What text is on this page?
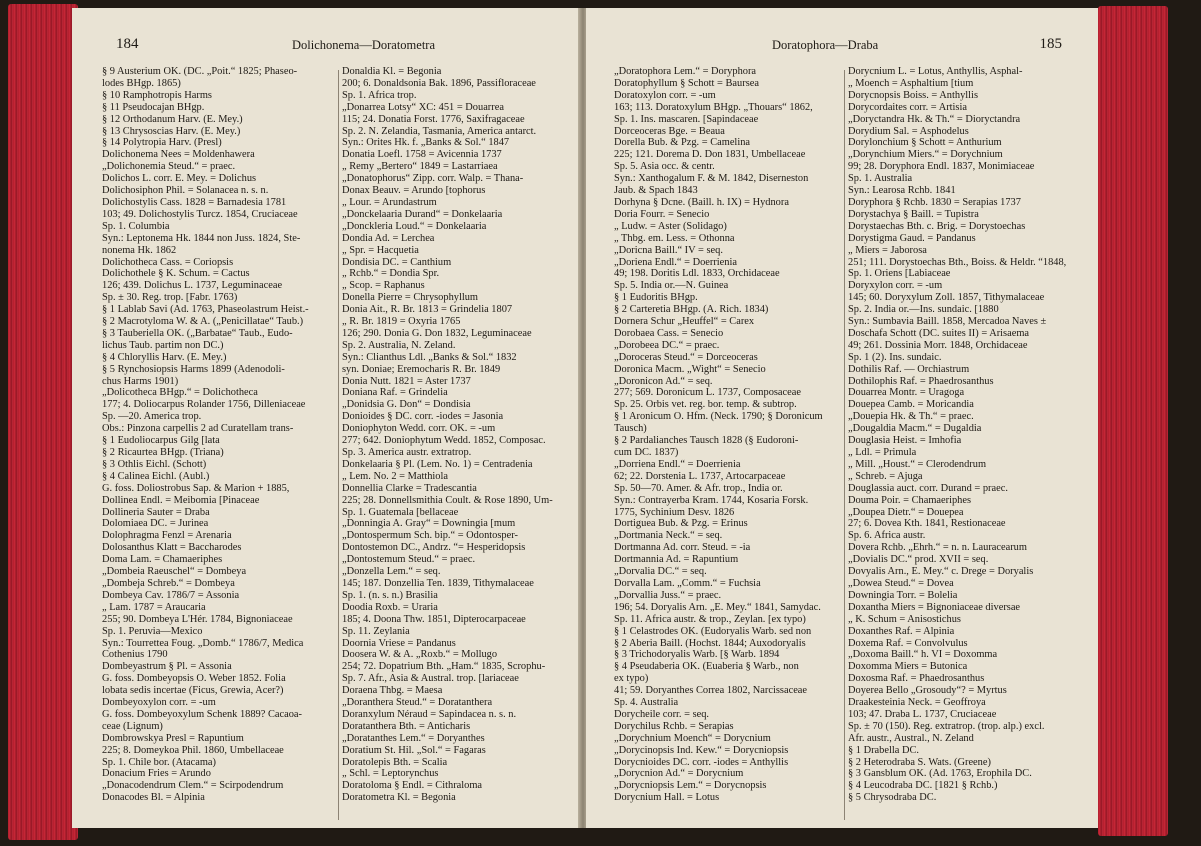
184	Dolichonema—Doratometra
§ 9 Austerium OK. (DC. „Poit.“ 1825; Phaseo-
lodes BHgp. 1865)
§ 10 Ramphotropis Harms
§ 11 Pseudocajan BHgp.
§ 12 Orthodanum Harv. (E. Mey.)
§ 13 Chrysoscias Harv. (E. Mey.)
§ 14 Polytropia Harv. (Presl)
Dolichonema Nees = Moldenhawera
„Dolichonemia Steud.“ = praec.
Dolichos L. corr. E. Mey. = Dolichus
Dolichosiphon Phil. = Solanacea n. s. n.
Dolichostylis Cass. 1828 = Barnadesia 1781
103; 49. Dolichostylis Turcz. 1854, Cruciaceae
Sp. 1. Columbia
Syn.: Leptonema Hk. 1844 non Juss. 1824, Ste-
nonema Hk. 1862
Dolichotheca Cass. = Coriopsis
Dolichothele § K. Schum. = Cactus
126; 439. Dolichus L. 1737, Leguminaceae
Sp. ± 30. Reg. trop. [Fabr. 1763)
§ 1 Lablab Savi (Ad. 1763, Phaseolastrum Heist.-
§ 2 Macrotyloma W. & A. („Penicillatae“ Taub.)
§ 3 Tauberiella OK. („Barbatae“ Taub., Eudo-
lichus Taub. partim non DC.)
§ 4 Chloryllis Harv. (E. Mey.)
§ 5 Rynchosiopsis Harms 1899 (Adenodoli-
chus Harms 1901)
„Dolicotheca BHgp.“ = Dolichotheca
177; 4. Doliocarpus Rolander 1756, Dilleniaceae
Sp. —20. America trop.
Obs.: Pinzona carpellis 2 ad Curatellam trans-
§ 1 Eudoliocarpus Gilg [lata
§ 2 Ricaurtea BHgp. (Triana)
§ 3 Othlis Eichl. (Schott)
§ 4 Calinea Eichl. (Aubl.)
G. foss. Doliostrobus Sap. & Marion + 1885,
Dollinea Endl. = Meibomia [Pinaceae
Dollineria Sauter = Draba
Dolomiaea DC. = Jurinea
Dolophragma Fenzl = Arenaria
Dolosanthus Klatt = Baccharodes
Doma Lam. = Chamaeriphes
„Dombeia Raeuschel“ = Dombeya
„Dombeja Schreb.“ = Dombeya
Dombeya Cav. 1786/7 = Assonia
„ Lam. 1787 = Araucaria
255; 90. Dombeya L'Hér. 1784, Bignoniaceae
Sp. 1. Peruvia—Mexico
Syn.: Tourrettea Foug. „Domb.“ 1786/7, Medica
Cothenius 1790
Dombeyastrum § Pl. = Assonia
G. foss. Dombeyopsis O. Weber 1852. Folia
lobata sedis incertae (Ficus, Grewia, Acer?)
Dombeyoxylon corr. = -um
G. foss. Dombeyoxylum Schenk 1889? Cacaoa-
ceae (Lignum)
Dombrowskya Presl = Rapuntium
225; 8. Domeykoa Phil. 1860, Umbellaceae
Sp. 1. Chile bor. (Atacama)
Donacium Fries = Arundo
„Donacodendrum Clem.“ = Scirpodendrum
Donacodes Bl. = Alpinia
Donaldia Kl. = Begonia
200; 6. Donaldsonia Bak. 1896, Passifloraceae
Sp. 1. Africa trop.
„Donarrea Lotsy“ XC: 451 = Douarrea
115; 24. Donatia Forst. 1776, Saxifragaceae
Sp. 2. N. Zelandia, Tasmania, America antarct.
Syn.: Orites Hk. f. „Banks & Sol.“ 1847
Donatia Loefl. 1758 = Avicennia 1737
„ Remy „Bertero“ 1849 = Lastarriaea
„Donatophorus“ Zipp. corr. Walp. = Thana-
Donax Beauv. = Arundo [tophorus
„ Lour. = Arundastrum
„Donckelaaria Durand“ = Donkelaaria
„Donckleria Loud.“ = Donkelaaria
Dondia Ad. = Lerchea
„ Spr. = Hacquetia
Dondisia DC. = Canthium
„ Rchb.“ = Dondia Spr.
„ Scop. = Raphanus
Donella Pierre = Chrysophyllum
Donia Ait., R. Br. 1813 = Grindelia 1807
„ R. Br. 1819 = Oxyria 1765
126; 290. Donia G. Don 1832, Leguminaceae
Sp. 2. Australia, N. Zeland.
Syn.: Clianthus Ldl. „Banks & Sol.“ 1832
syn. Doniae; Eremocharis R. Br. 1849
Donia Nutt. 1821 = Aster 1737
Doniana Raf. = Grindelia
„Donidsia G. Don“ = Dondisia
Donioides § DC. corr. -iodes = Jasonia
Doniophyton Wedd. corr. OK. = -um
277; 642. Doniophytum Wedd. 1852, Composac.
Sp. 3. America austr. extratrop.
Donkelaaria § Pl. (Lem. No. 1) = Centradenia
„ Lem. No. 2 = Matthiola
Donnellia Clarke = Tradescantia
225; 28. Donnellsmithia Coult. & Rose 1890, Um-
Sp. 1. Guatemala [bellaceae
„Donningia A. Gray“ = Downingia [mum
„Dontospermum Sch. bip.“ = Odontosper-
Dontostemon DC., Andrz. “= Hesperidopsis
„Dontostemum Steud.“ = praec.
„Donzella Lem.“ = seq.
145; 187. Donzellia Ten. 1839, Tithymalaceae
Sp. 1. (n. s. n.) Brasilia
Doodia Roxb. = Uraria
185; 4. Doona Thw. 1851, Dipterocarpaceae
Sp. 11. Zeylania
Doornia Vriese = Pandanus
Doosera W. & A. „Roxb.“ = Mollugo
254; 72. Dopatrium Bth. „Ham.“ 1835, Scrophu-
Sp. 7. Afr., Asia & Austral. trop. [lariaceae
Doraena Thbg. = Maesa
„Doranthera Steud.“ = Doratanthera
Doranxylum Néraud = Sapindacea n. s. n.
Doratanthera Bth. = Anticharis
„Doratanthes Lem.“ = Doryanthes
Doratium St. Hil. „Sol.“ = Fagaras
Doratolepis Bth. = Scalia
„ Schl. = Leptorynchus
Doratoloma § Endl. = Cithraloma
Doratometra Kl. = Begonia
185
Doratophora—Draba
„Doratophora Lem.“ = Doryphora
Doratophyllum § Schott = Baursea
Doratoxylon corr. = -um
163; 113. Doratoxylum BHgp. „Thouars“ 1862,
Sp. 1. Ins. mascaren. [Sapindaceae
Dorceoceras Bge. = Beaua
Dorella Bub. & Pzg. = Camelina
225; 121. Dorema D. Don 1831, Umbellaceae
Sp. 5. Asia occ. & centr.
Syn.: Xanthogalum F. & M. 1842, Diserneston
Jaub. & Spach 1843
Dorhyna § Dcne. (Baill. h. IX) = Hydnora
Doria Fourr. = Senecio
„ Ludw. = Aster (Solidago)
„ Thbg. em. Less. = Othonna
„Doricna Baill.“ IV = seq.
„Doriena Endl.“ = Doerrienia
49; 198. Doritis Ldl. 1833, Orchidaceae
Sp. 5. India or.—N. Guinea
§ 1 Eudoritis BHgp.
§ 2 Carteretia BHgp. (A. Rich. 1834)
Dornera Schur „Heuffel“ = Carex
Dorobaea Cass. = Senecio
„Dorobeea DC.“ = praec.
„Doroceras Steud.“ = Dorceoceras
Doronica Macm. „Wight“ = Senecio
„Doronicon Ad.“ = seq.
277; 569. Doronicum L. 1737, Composaceae
Sp. 25. Orbis vet. reg. bor. temp. & subtrop.
§ 1 Aronicum O. Hfm. (Neck. 1790; § Doronicum
Tausch)
§ 2 Pardalianches Tausch 1828 (§ Eudoroni-
cum DC. 1837)
„Dorriena Endl.“ = Doerrienia
62; 22. Dorstenia L. 1737, Artocarpaceae
Sp. 50—70. Amer. & Afr. trop., India or.
Syn.: Contrayerba Kram. 1744, Kosaria Forsk.
1775, Sychinium Desv. 1826
Dortiguea Bub. & Pzg. = Erinus
„Dortmania Neck.“ = seq.
Dortmanna Ad. corr. Steud. = -ia
Dortmannia Ad. = Rapuntium
„Dorvalia DC.“ = seq.
Dorvalla Lam. „Comm.“ = Fuchsia
„Dorvallia Juss.“ = praec.
196; 54. Doryalis Arn. „E. Mey.“ 1841, Samydac.
Sp. 11. Africa austr. & trop., Zeylan. [ex typo)
§ 1 Celastrodes OK. (Eudoryalis Warb. sed non
§ 2 Aberia Baill. (Hochst. 1844; Auxodoryalis
§ 3 Trichodoryalis Warb. [§ Warb. 1894
§ 4 Pseudaberia OK. (Euaberia § Warb., non
ex typo)
41; 59. Doryanthes Correa 1802, Narcissaceae
Sp. 4. Australia
Dorycheile corr. = seq.
Dorychilus Rchb. = Serapias
„Dorychnium Moench“ = Dorycnium
„Dorycinopsis Ind. Kew.“ = Dorycniopsis
Dorycnioides DC. corr. -iodes = Anthyllis
„Dorycnion Ad.“ = Dorycnium
„Dorycniopsis Lem.“ = Dorycnopsis
Dorycnium Hall. = Lotus
Dorycnium L. = Lotus, Anthyllis, Asphal-
„ Moench = Asphaltium [tium
Dorycnopsis Boiss. = Anthyllis
Dorycordaites corr. = Artisia
„Doryctandra Hk. & Th.“ = Dioryctandra
Dorydium Sal. = Asphodelus
Dorylonchium § Schott = Anthurium
„Dorynchium Miers.“ = Dorychnium
99; 28. Doryphora Endl. 1837, Monimiaceae
Sp. 1. Australia
Syn.: Learosa Rchb. 1841
Doryphora § Rchb. 1830 = Serapias 1737
Dorystachya § Baill. = Tupistra
Dorystaechas Bth. c. Brig. = Dorystoechas
Dorystigma Gaud. = Pandanus
„ Miers = Jaborosa
251; 111. Dorystoechas Bth., Boiss. & Heldr. “1848,
Sp. 1. Oriens [Labiaceae
Doryxylon corr. = -um
145; 60. Doryxylum Zoll. 1857, Tithymalaceae
Sp. 2. India or.—Ins. sundaic. [1880
Syn.: Sumbavia Baill. 1858, Mercadoa Naves ±
Doschafa Schott (DC. suites II) = Arisaema
49; 261. Dossinia Morr. 1848, Orchidaceae
Sp. 1 (2). Ins. sundaic.
Dothilis Raf. — Orchiastrum
Dothilophis Raf. = Phaedrosanthus
Douarrea Montr. = Uragoga
Douepea Camb. = Moricandia
„Douepia Hk. & Th.“ = praec.
„Dougaldia Macm.“ = Dugaldia
Douglasia Heist. = Imhofia
„ Ldl. = Primula
„ Mill. „Houst.“ = Clerodendrum
„ Schreb. = Ajuga
Douglassia auct. corr. Durand = praec.
Douma Poir. = Chamaeriphes
„Doupea Dietr.“ = Douepea
27; 6. Dovea Kth. 1841, Restionaceae
Sp. 6. Africa austr.
Dovera Rchb. „Ehrh.“ = n. n. Lauracearum
„Dovialis DC.“ prod. XVII = seq.
Dovyalis Arn., E. Mey.“ c. Drege = Doryalis
„Dowea Steud.“ = Dovea
Downingia Torr. = Bolelia
Doxantha Miers = Bignoniaceae diversae
„ K. Schum = Anisostichus
Doxanthes Raf. = Alpinia
Doxema Raf. = Convolvulus
„Doxoma Baill.“ h. VI = Doxomma
Doxomma Miers = Butonica
Doxosma Raf. = Phaedrosanthus
Doyerea Bello „Grosoudy“? = Myrtus
Draakesteinia Neck. = Geoffroya
103; 47. Draba L. 1737, Cruciaceae
Sp. ± 70 (150). Reg. extratrop. (trop. alp.) excl.
Afr. austr., Austral., N. Zeland
§ 1 Drabella DC.
§ 2 Heterodraba S. Wats. (Greene)
§ 3 Gansblum OK. (Ad. 1763, Erophila DC.
§ 4 Leucodraba DC. [1821 § Rchb.)
§ 5 Chrysodraba DC.
